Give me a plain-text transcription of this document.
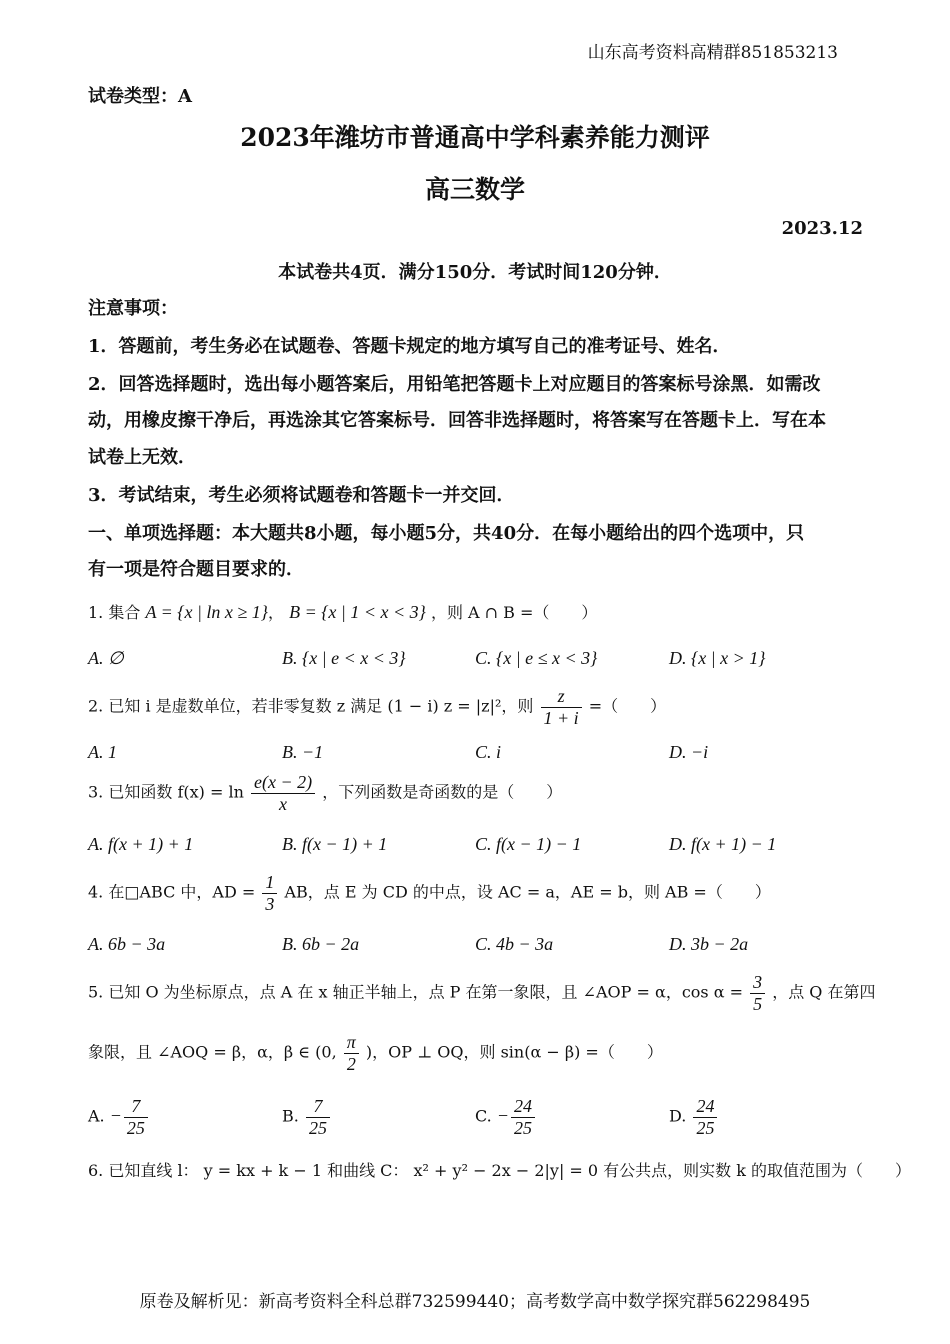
山东高考资料高精群851853213
试卷类型：A
2023年潍坊市普通高中学科素养能力测评
高三数学
2023.12
本试卷共4页．满分150分．考试时间120分钟．
注意事项：
1．答题前，考生务必在试题卷、答题卡规定的地方填写自己的准考证号、姓名．
2．回答选择题时，选出每小题答案后，用铅笔把答题卡上对应题目的答案标号涂黑．如需改
动，用橡皮擦干净后，再选涂其它答案标号．回答非选择题时，将答案写在答题卡上．写在本
试卷上无效．
3．考试结束，考生必须将试题卷和答题卡一并交回．
一、单项选择题：本大题共8小题，每小题5分，共40分．在每小题给出的四个选项中，只
有一项是符合题目要求的．
1. 集合 A = {x | ln x ≥ 1}， B = {x | 1 < x < 3} ，则 A ∩ B =（　　）
A. ∅	B. {x | e < x < 3}	C. {x | e ≤ x < 3}	D. {x | x > 1}
2. 已知 i 是虚数单位，若非零复数 z 满足 (1 − i) z = |z|²，则 $\frac{z}{1 + i}$ =（　　）
A. 1	B. −1	C. i	D. −i
3. 已知函数 $f(x) = \ln \frac{e(x - 2)}{x}$ ，下列函数是奇函数的是（　　）
A. f(x + 1) + 1	B. f(x − 1) + 1	C. f(x − 1) − 1	D. f(x + 1) − 1
4. 在□ABC 中，AD = $\frac{1}{3}$ AB，点 E 为 CD 的中点，设 AC = a，AE = b，则 AB =（　　）
A. 6b − 3a	B. 6b − 2a	C. 4b − 3a	D. 3b − 2a
5. 已知 O 为坐标原点，点 A 在 x 轴正半轴上，点 P 在第一象限，且 ∠AOP = α，$\cos \alpha = \frac{3}{5}$ ，点 Q 在第四
象限，且 ∠AOQ = β，α，β ∈ (0, $\frac{\pi}{2}$ )，OP ⊥ OQ，则 sin(α − β) =（　　）
A. − $\frac{7}{25}$	B. $\frac{7}{25}$	C. − $\frac{24}{25}$	D. $\frac{24}{25}$
6. 已知直线 l： y = kx + k − 1 和曲线 C： x² + y² − 2x − 2|y| = 0 有公共点，则实数 k 的取值范围为（　　）
原卷及解析见：新高考资料全科总群732599440；高考数学高中数学探究群562298495
